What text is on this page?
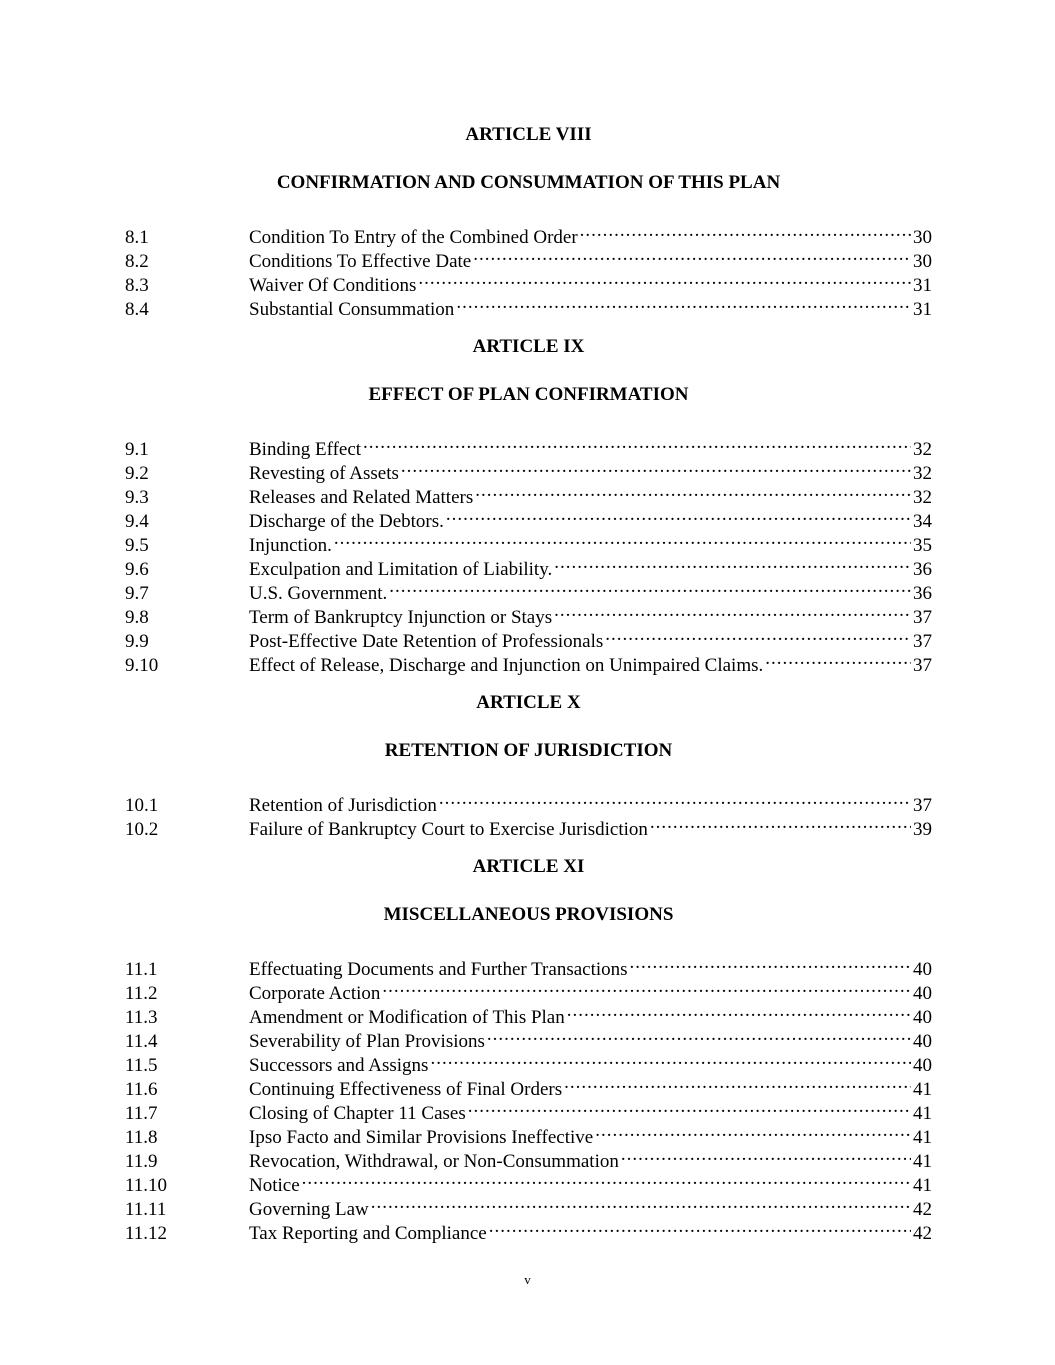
ARTICLE VIII
CONFIRMATION AND CONSUMMATION OF THIS PLAN
8.1	Condition To Entry of the Combined Order .....	30
8.2	Conditions To Effective Date .....	30
8.3	Waiver Of Conditions .....	31
8.4	Substantial Consummation .....	31
ARTICLE IX
EFFECT OF PLAN CONFIRMATION
9.1	Binding Effect .....	32
9.2	Revesting of Assets .....	32
9.3	Releases and Related Matters .....	32
9.4	Discharge of the Debtors. .....	34
9.5	Injunction. .....	35
9.6	Exculpation and Limitation of Liability. .....	36
9.7	U.S. Government. .....	36
9.8	Term of Bankruptcy Injunction or Stays .....	37
9.9	Post-Effective Date Retention of Professionals .....	37
9.10	Effect of Release, Discharge and Injunction on Unimpaired Claims. .....	37
ARTICLE X
RETENTION OF JURISDICTION
10.1	Retention of Jurisdiction .....	37
10.2	Failure of Bankruptcy Court to Exercise Jurisdiction .....	39
ARTICLE XI
MISCELLANEOUS PROVISIONS
11.1	Effectuating Documents and Further Transactions .....	40
11.2	Corporate Action .....	40
11.3	Amendment or Modification of This Plan .....	40
11.4	Severability of Plan Provisions .....	40
11.5	Successors and Assigns .....	40
11.6	Continuing Effectiveness of Final Orders .....	41
11.7	Closing of Chapter 11 Cases .....	41
11.8	Ipso Facto and Similar Provisions Ineffective .....	41
11.9	Revocation, Withdrawal, or Non-Consummation .....	41
11.10	Notice .....	41
11.11	Governing Law .....	42
11.12	Tax Reporting and Compliance .....	42
v
